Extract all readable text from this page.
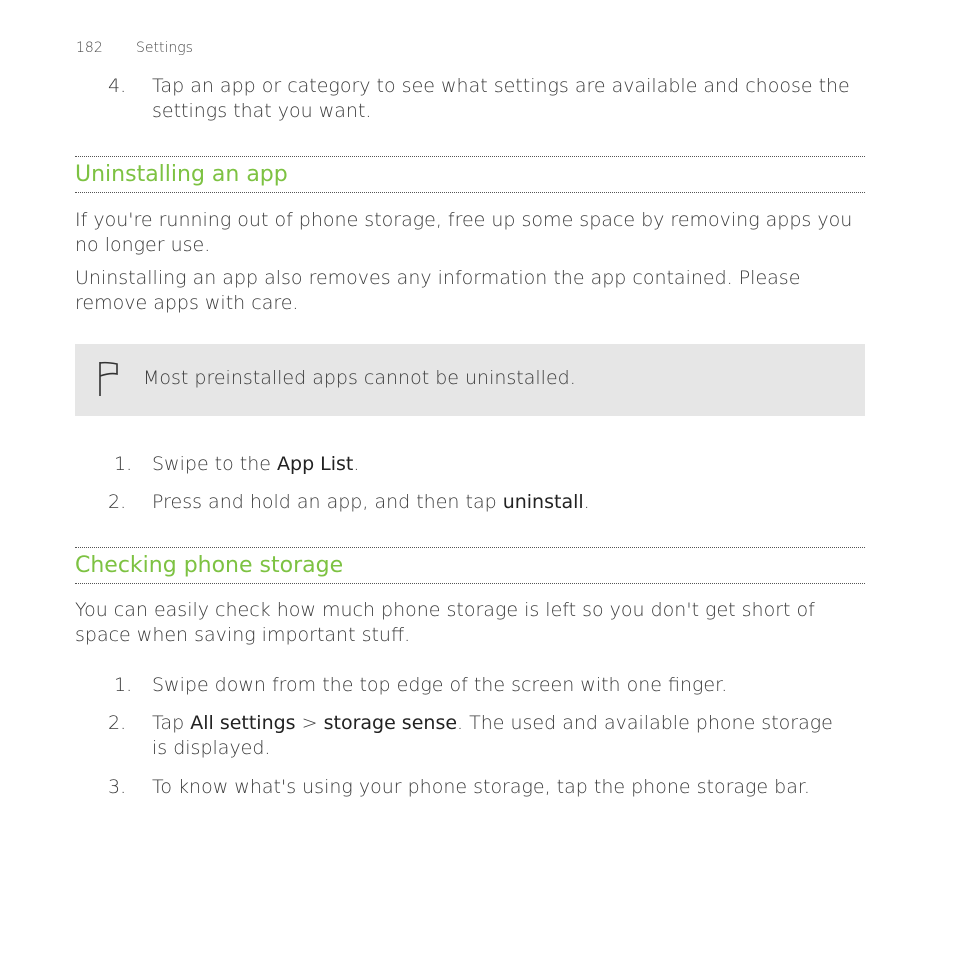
182 Settings
4.	Tap an app or category to see what settings are available and choose the settings that you want.
Uninstalling an app
If you're running out of phone storage, free up some space by removing apps you no longer use.
Uninstalling an app also removes any information the app contained. Please remove apps with care.
Most preinstalled apps cannot be uninstalled.
1.	Swipe to the App List.
2.	Press and hold an app, and then tap uninstall.
Checking phone storage
You can easily check how much phone storage is left so you don't get short of space when saving important stuff.
1.	Swipe down from the top edge of the screen with one finger.
2.	Tap All settings > storage sense. The used and available phone storage is displayed.
3.	To know what's using your phone storage, tap the phone storage bar.
